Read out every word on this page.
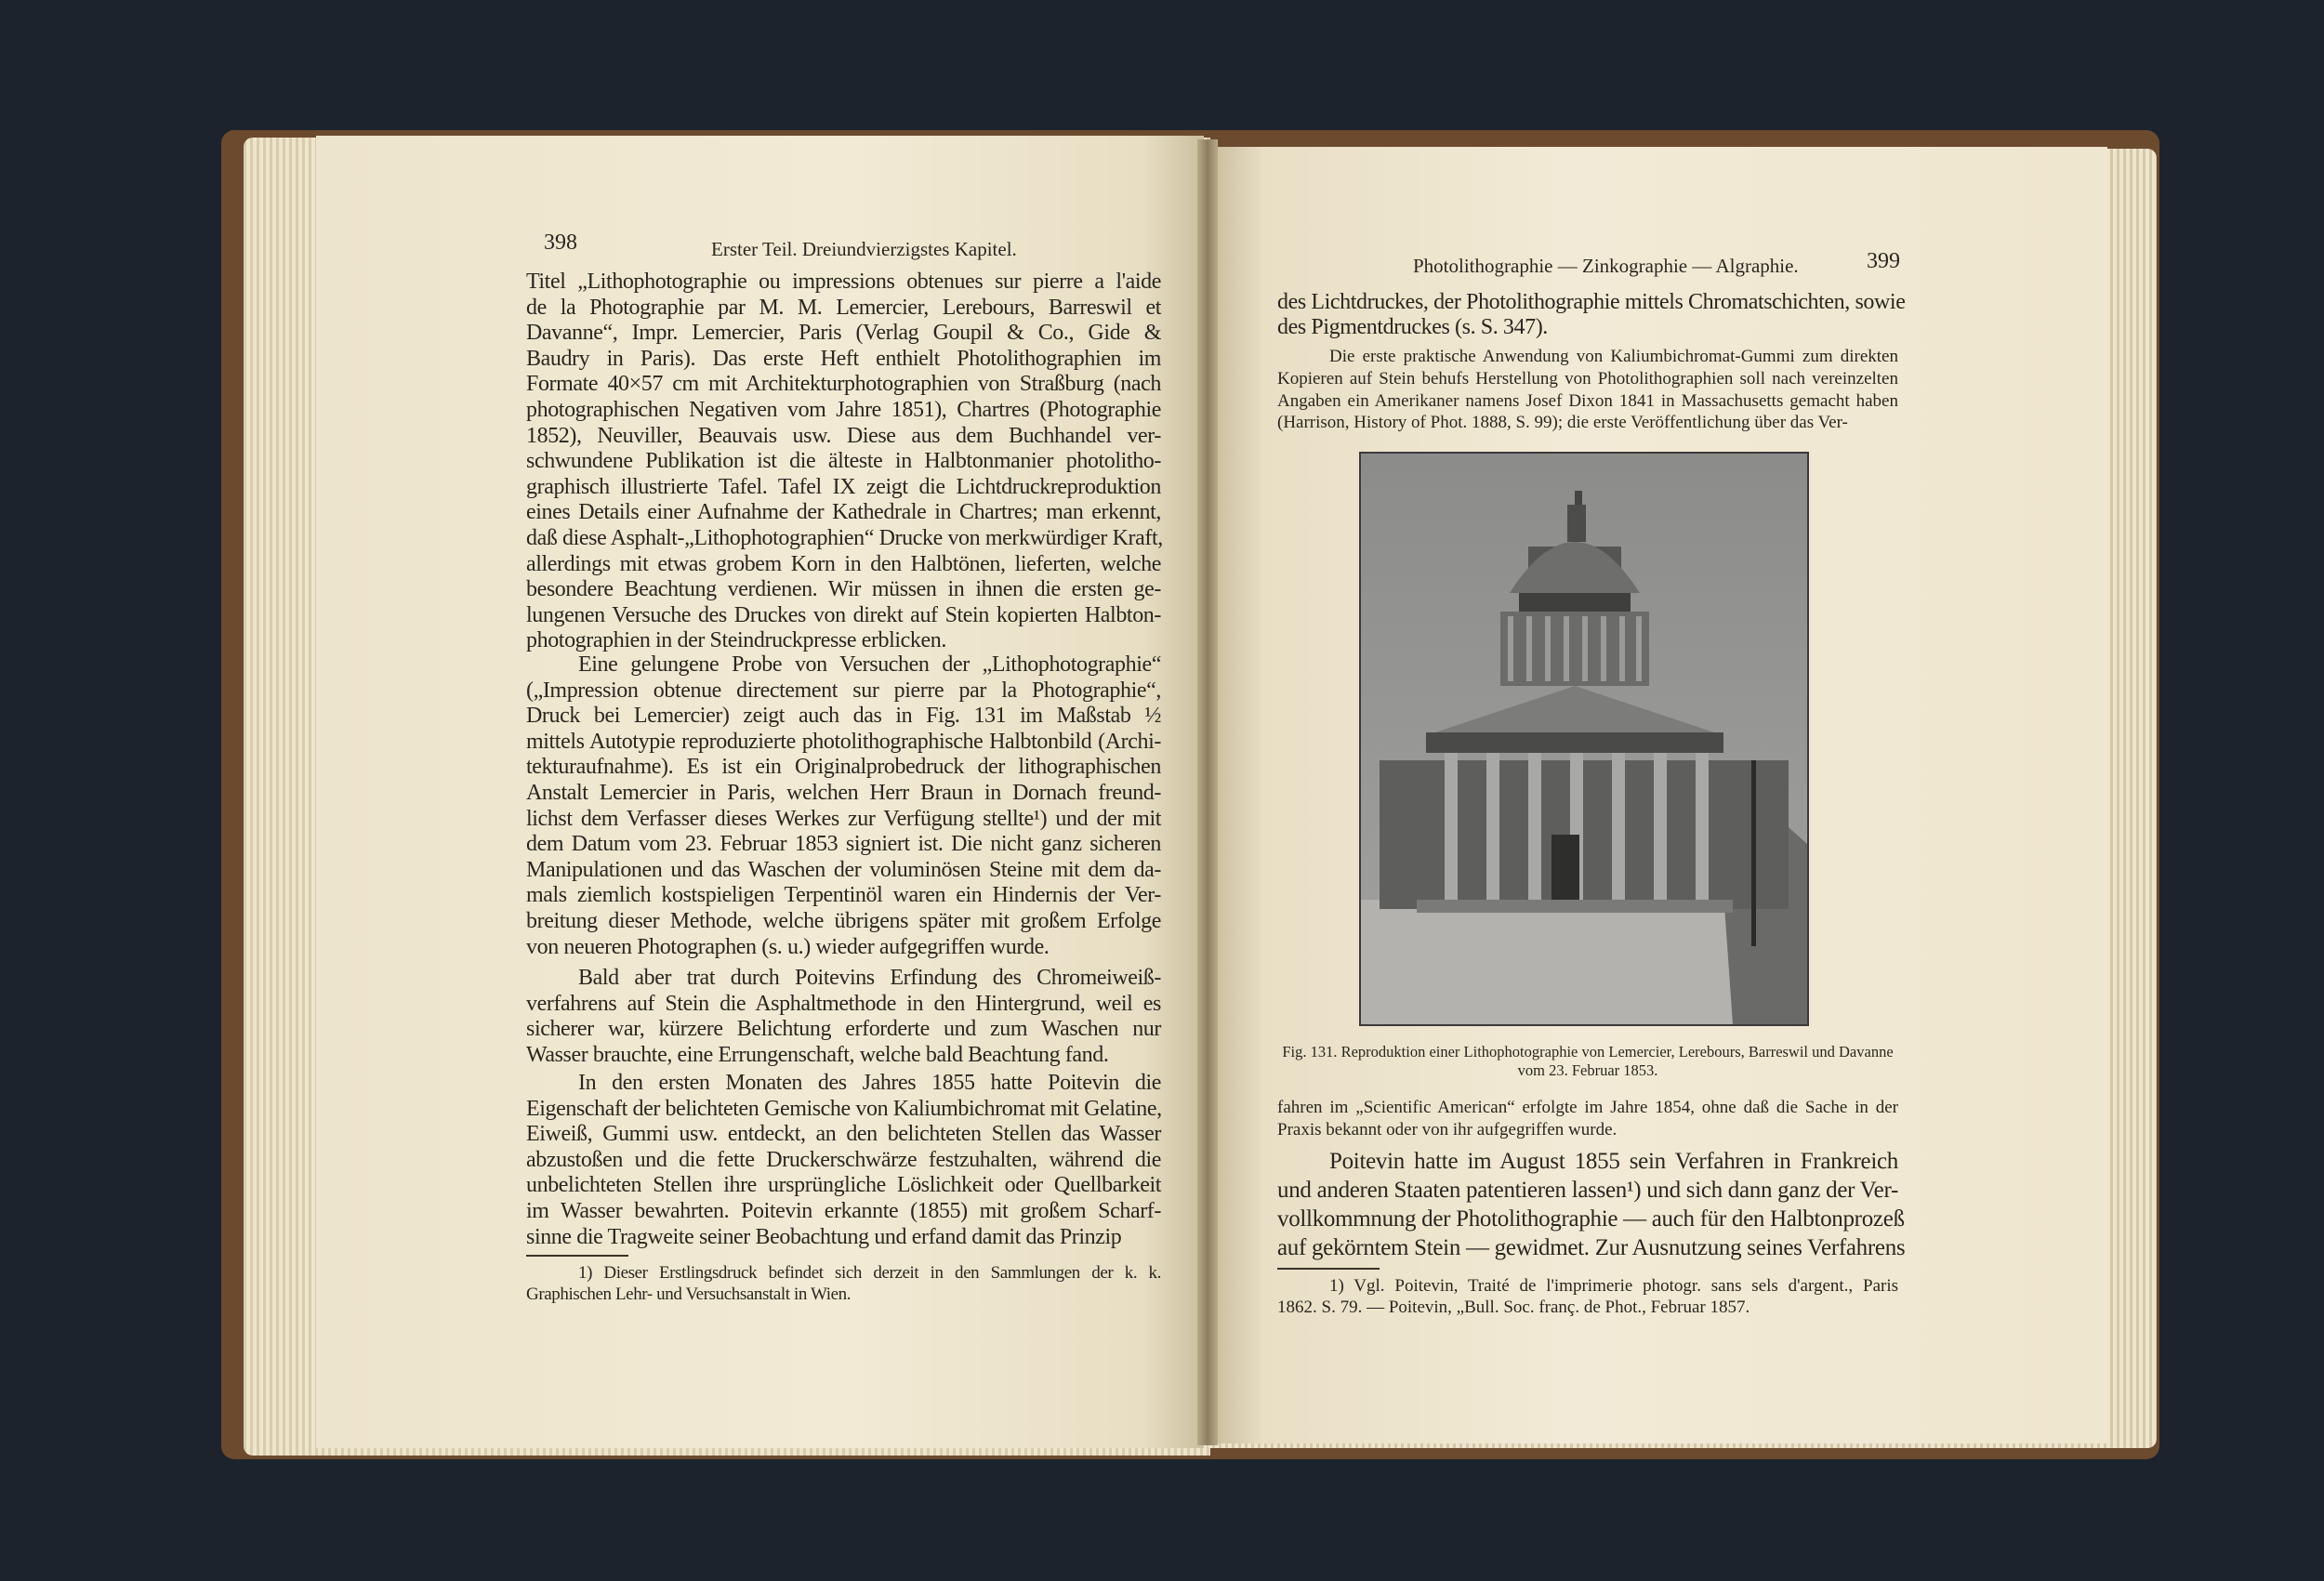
398	Erster Teil. Dreiundvierzigstes Kapitel.
Titel „Lithophotographie ou impressions obtenues sur pierre a l'aide
de la Photographie par M. M. Lemercier, Lerebours, Barreswil et
Davanne“, Impr. Lemercier, Paris (Verlag Goupil & Co., Gide &
Baudry in Paris). Das erste Heft enthielt Photolithographien im
Formate 40×57 cm mit Architekturphotographien von Straßburg (nach
photographischen Negativen vom Jahre 1851), Chartres (Photographie
1852), Neuviller, Beauvais usw. Diese aus dem Buchhandel ver-
schwundene Publikation ist die älteste in Halbtonmanier photolitho-
graphisch illustrierte Tafel. Tafel IX zeigt die Lichtdruckreproduktion
eines Details einer Aufnahme der Kathedrale in Chartres; man erkennt,
daß diese Asphalt-„Lithophotographien“ Drucke von merkwürdiger Kraft,
allerdings mit etwas grobem Korn in den Halbtönen, lieferten, welche
besondere Beachtung verdienen. Wir müssen in ihnen die ersten ge-
lungenen Versuche des Druckes von direkt auf Stein kopierten Halbton-
photographien in der Steindruckpresse erblicken.
Eine gelungene Probe von Versuchen der „Lithophotographie“
(„Impression obtenue directement sur pierre par la Photographie“,
Druck bei Lemercier) zeigt auch das in Fig. 131 im Maßstab ½
mittels Autotypie reproduzierte photolithographische Halbtonbild (Archi-
tekturaufnahme). Es ist ein Originalprobedruck der lithographischen
Anstalt Lemercier in Paris, welchen Herr Braun in Dornach freund-
lichst dem Verfasser dieses Werkes zur Verfügung stellte¹) und der mit
dem Datum vom 23. Februar 1853 signiert ist. Die nicht ganz sicheren
Manipulationen und das Waschen der voluminösen Steine mit dem da-
mals ziemlich kostspieligen Terpentinöl waren ein Hindernis der Ver-
breitung dieser Methode, welche übrigens später mit großem Erfolge
von neueren Photographen (s. u.) wieder aufgegriffen wurde.
Bald aber trat durch Poitevins Erfindung des Chromeiweiß-
verfahrens auf Stein die Asphaltmethode in den Hintergrund, weil es
sicherer war, kürzere Belichtung erforderte und zum Waschen nur
Wasser brauchte, eine Errungenschaft, welche bald Beachtung fand.
In den ersten Monaten des Jahres 1855 hatte Poitevin die
Eigenschaft der belichteten Gemische von Kaliumbichromat mit Gelatine,
Eiweiß, Gummi usw. entdeckt, an den belichteten Stellen das Wasser
abzustoßen und die fette Druckerschwärze festzuhalten, während die
unbelichteten Stellen ihre ursprüngliche Löslichkeit oder Quellbarkeit
im Wasser bewahrten. Poitevin erkannte (1855) mit großem Scharf-
sinne die Tragweite seiner Beobachtung und erfand damit das Prinzip
1) Dieser Erstlingsdruck befindet sich derzeit in den Sammlungen der k. k.
Graphischen Lehr- und Versuchsanstalt in Wien.
Photolithographie — Zinkographie — Algraphie.	399
des Lichtdruckes, der Photolithographie mittels Chromatschichten, sowie
des Pigmentdruckes (s. S. 347).
Die erste praktische Anwendung von Kaliumbichromat-Gummi zum direkten
Kopieren auf Stein behufs Herstellung von Photolithographien soll nach vereinzelten
Angaben ein Amerikaner namens Josef Dixon 1841 in Massachusetts gemacht haben
(Harrison, History of Phot. 1888, S. 99); die erste Veröffentlichung über das Ver-
Fig. 131. Reproduktion einer Lithophotographie von Lemercier, Lerebours, Barreswil und Davanne
vom 23. Februar 1853.
fahren im „Scientific American“ erfolgte im Jahre 1854, ohne daß die Sache in der
Praxis bekannt oder von ihr aufgegriffen wurde.
Poitevin hatte im August 1855 sein Verfahren in Frankreich
und anderen Staaten patentieren lassen¹) und sich dann ganz der Ver-
vollkommnung der Photolithographie — auch für den Halbtonprozeß
auf gekörntem Stein — gewidmet. Zur Ausnutzung seines Verfahrens
1) Vgl. Poitevin, Traité de l'imprimerie photogr. sans sels d'argent., Paris
1862. S. 79. — Poitevin, „Bull. Soc. franç. de Phot., Februar 1857.
